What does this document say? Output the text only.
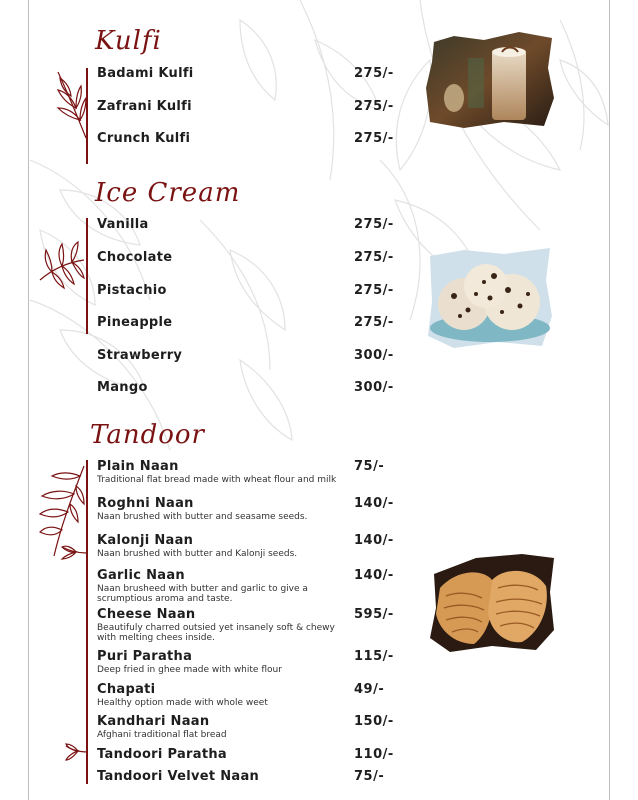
Kulfi
Badami Kulfi	275/-
Zafrani Kulfi	275/-
Crunch Kulfi	275/-
Ice Cream
Vanilla	275/-
Chocolate	275/-
Pistachio	275/-
Pineapple	275/-
Strawberry	300/-
Mango	300/-
Tandoor
Plain Naan	75/-
Traditional flat bread made with wheat flour and milk
Roghni Naan	140/-
Naan brushed with butter and seasame seeds.
Kalonji Naan	140/-
Naan brushed with butter and Kalonji seeds.
Garlic Naan	140/-
Naan brusheed with butter and garlic to give a scrumptious aroma and taste.
Cheese Naan	595/-
Beautifuly charred outsied yet insanely soft & chewy with melting chees inside.
Puri Paratha	115/-
Deep fried in ghee made with white flour
Chapati	49/-
Healthy option made with whole weet
Kandhari Naan	150/-
Afghani traditional flat bread
Tandoori Paratha	110/-
Tandoori Velvet Naan	75/-
